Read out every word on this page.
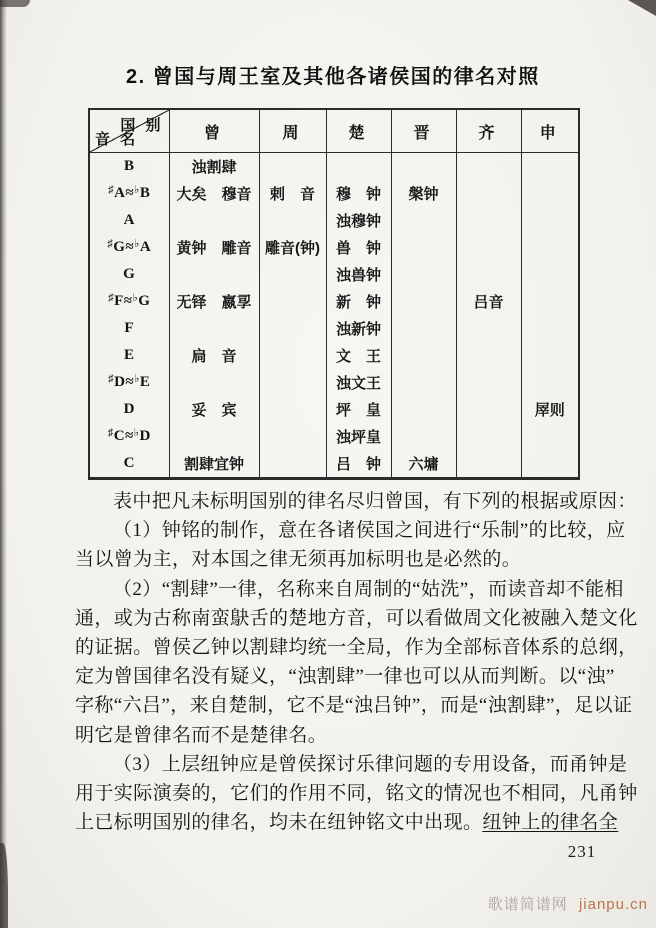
2. 曾国与周王室及其他各诸侯国的律名对照
国 别
音 名	曾	周	楚	晋	齐	申
B	浊割肆					
♯A≈♭B	大矣　穆音	剌　音	穆　钟	槃钟		
A			浊穆钟			
♯G≈♭A	黄钟　雕音	雕音(钟)	兽　钟			
G			浊兽钟			
♯F≈♭G	无铎　嬴孠		新　钟		吕音	
F			浊新钟			
E	扃　音		文　王			
♯D≈♭E			浊文王			
D	妥　宾		坪　皇			屖则
♯C≈♭D			浊坪皇			
C	割肆宜钟		吕　钟	六墉		
表中把凡未标明国别的律名尽归曾国，有下列的根据或原因：
（1）钟铭的制作，意在各诸侯国之间进行“乐制”的比较，应
当以曾为主，对本国之律无须再加标明也是必然的。
（2）“割肆”一律，名称来自周制的“姑洗”，而读音却不能相
通，或为古称南蛮鴃舌的楚地方音，可以看做周文化被融入楚文化
的证据。曾侯乙钟以割肆均统一全局，作为全部标音体系的总纲，
定为曾国律名没有疑义，“浊割肆”一律也可以从而判断。以“浊”
字称“六吕”，来自楚制，它不是“浊吕钟”，而是“浊割肆”，足以证
明它是曾律名而不是楚律名。
（3）上层纽钟应是曾侯探讨乐律问题的专用设备，而甬钟是
用于实际演奏的，它们的作用不同，铭文的情况也不相同，凡甬钟
上已标明国别的律名，均未在纽钟铭文中出现。纽钟上的律名全
231
歌谱简谱网 jianpu.cn
